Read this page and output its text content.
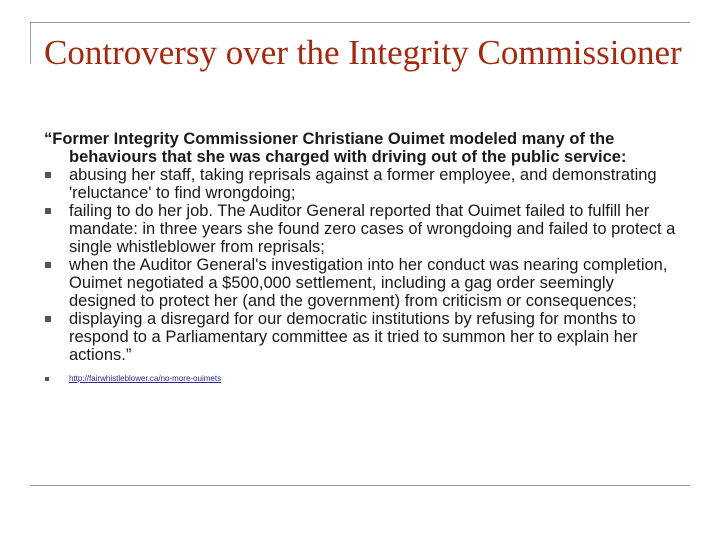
Controversy over the Integrity Commissioner

“Former Integrity Commissioner Christiane Ouimet modeled many of the behaviours that she was charged with driving out of the public service:

abusing her staff, taking reprisals against a former employee, and demonstrating 'reluctance' to find wrongdoing;
failing to do her job. The Auditor General reported that Ouimet failed to fulfill her mandate: in three years she found zero cases of wrongdoing and failed to protect a single whistleblower from reprisals;
when the Auditor General's investigation into her conduct was nearing completion, Ouimet negotiated a $500,000 settlement, including a gag order seemingly designed to protect her (and the government) from criticism or consequences;
displaying a disregard for our democratic institutions by refusing for months to respond to a Parliamentary committee as it tried to summon her to explain her actions.”
http://fairwhistleblower.ca/no-more-ouimets
